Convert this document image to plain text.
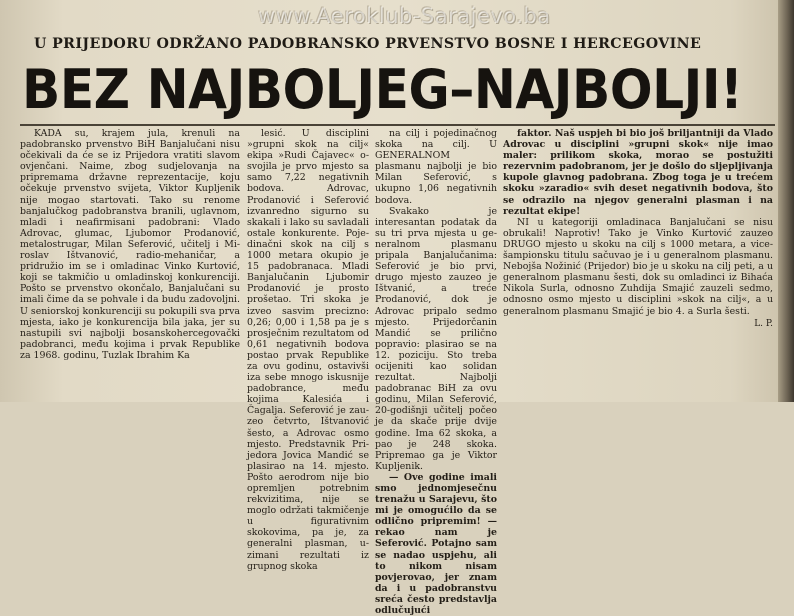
www.Aeroklub-Sarajevo.ba
U PRIJEDORU ODRŽANO PADOBRANSKO PRVENSTVO BOSNE I HERCEGOVINE
BEZ NAJBOLJEG–NAJBOLJI!

KADA su, krajem jula, krenuli na padobransko prvenstvo BiH Banjalučani nisu očekivali da će se iz Prijedora vratiti slavom ovjenčani. Naime, zbog sudjelovanja na pripremama državne reprezentacije, koju očekuje prvenstvo svijeta, Viktor Kupljenik nije mogao startovati. Tako su renome banjalučkog padobranstva branili, uglavnom, mladi i neafirmisani padobrani: Vlado Adrovac, glumac, Ljubomor Prodanović, metalostrugar, Milan Seferović, učitelj i Miroslav Ištvanović, radio-mehaničar, a pridružio im se i omladinac Vinko Kurtović, koji se takmičio u omladinskoj konkurenciji. Pošto se prvenstvo okončalo, Banjalučani su imali čime da se pohvale i da budu zadovoljni. U seniorskoj konkurenciji su pokupili sva prva mjesta, iako je konkurencija bila jaka, jer su nastupili svi najbolji bosanskohercegovački padobranci, među kojima i prvak Republike za 1968. godinu, Tuzlak Ibrahim Ka

lesić. U disciplini »grupni skok na cilj« ekipa »Rudi Čajavec« osvojila je prvo mjesto sa samo 7,22 negativnih bodova. Adrovac, Prodanović i Seferović izvanredno sigurno su skakali i lako su savladali ostale konkurente. Pojedinačni skok na cilj s 1000 metara okupio je 15 padobranaca. Mladi Banjalučanin Ljubomir Prodanović je prosto prošetao. Tri skoka je izveo sasvim precizno: 0,26; 0,00 i 1,58 pa je s prosječnim rezultatom od 0,61 negativnih bodova postao prvak Republike za ovu godinu, ostavivši iza sebe mnogo iskusnije padobrance, među kojima Kalesića i Čagalja. Seferović je zauzeo četvrto, Ištvanović šesto, a Adrovac osmo mjesto. Predstavnik Prijedora Jovica Mandić se plasirao na 14. mjesto. Pošto aerodrom nije bio opremljen potrebnim rekvizitima, nije se moglo održati takmičenje u figurativnim skokovima, pa je, za generalni plasman, uzimani rezultati iz grupnog skoka

na cilj i pojedinačnog skoka na cilj. U GENERALNOM plasmanu najbolji je bio Milan Seferović, s ukupno 1,06 negativnih bodova.

Svakako je interesantan podatak da su tri prva mjesta u generalnom plasmanu pripala Banjalučanima: Seferović je bio prvi, drugo mjesto zauzeo je Ištvanić, a treće Prodanović, dok je Adrovac pripalo sedmo mjesto. Prijedorčanin Mandić se prilično popravio: plasirao se na 12. poziciju. Sto treba ocijeniti kao solidan rezultat. Najbolji padobranac BiH za ovu godinu, Milan Seferović, 20-godišnji učitelj počeo je da skače prije dvije godine. Ima 62 skoka, a pao je 248 skoka. Pripremao ga je Viktor Kupljenik.

— Ove godine imali smo jednomjesečnu trenažu u Sarajevu, što mi je omogućilo da se odlično pripremim! — rekao nam je Seferović. Potajno sam se nadao uspjehu, ali to nikom nisam povjerovao, jer znam da i u padobranstvu sreća često predstavlja odlučujući

faktor. Naš uspjeh bi bio još briljantniji da Vlado Adrovac u disciplini »grupni skok« nije imao maler: prilikom skoka, morao se postužiti rezervnim padobranom, jer je došlo do sljepljivanja kupole glavnog padobrana. Zbog toga je u trećem skoku »zaradio« svih deset negativnih bodova, što se odrazilo na njegov generalni plasman i na rezultat ekipe!

NI u kategoriji omladinaca Banjalučani se nisu obrukali! Naprotiv! Tako je Vinko Kurtović zauzeo DRUGO mjesto u skoku na cilj s 1000 metara, a vice-šampionsku titulu sačuvao je i u generalnom plasmanu. Nebojša Nožinić (Prijedor) bio je u skoku na cilj peti, a u generalnom plasmanu šesti, dok su omladinci iz Bihaća Nikola Surla, odnosno Zuhdija Smajić zauzeli sedmo, odnosno osmo mjesto u disciplini »skok na cilj«, a u generalnom plasmanu Smajić je bio 4. a Surla šesti.

L. P.
